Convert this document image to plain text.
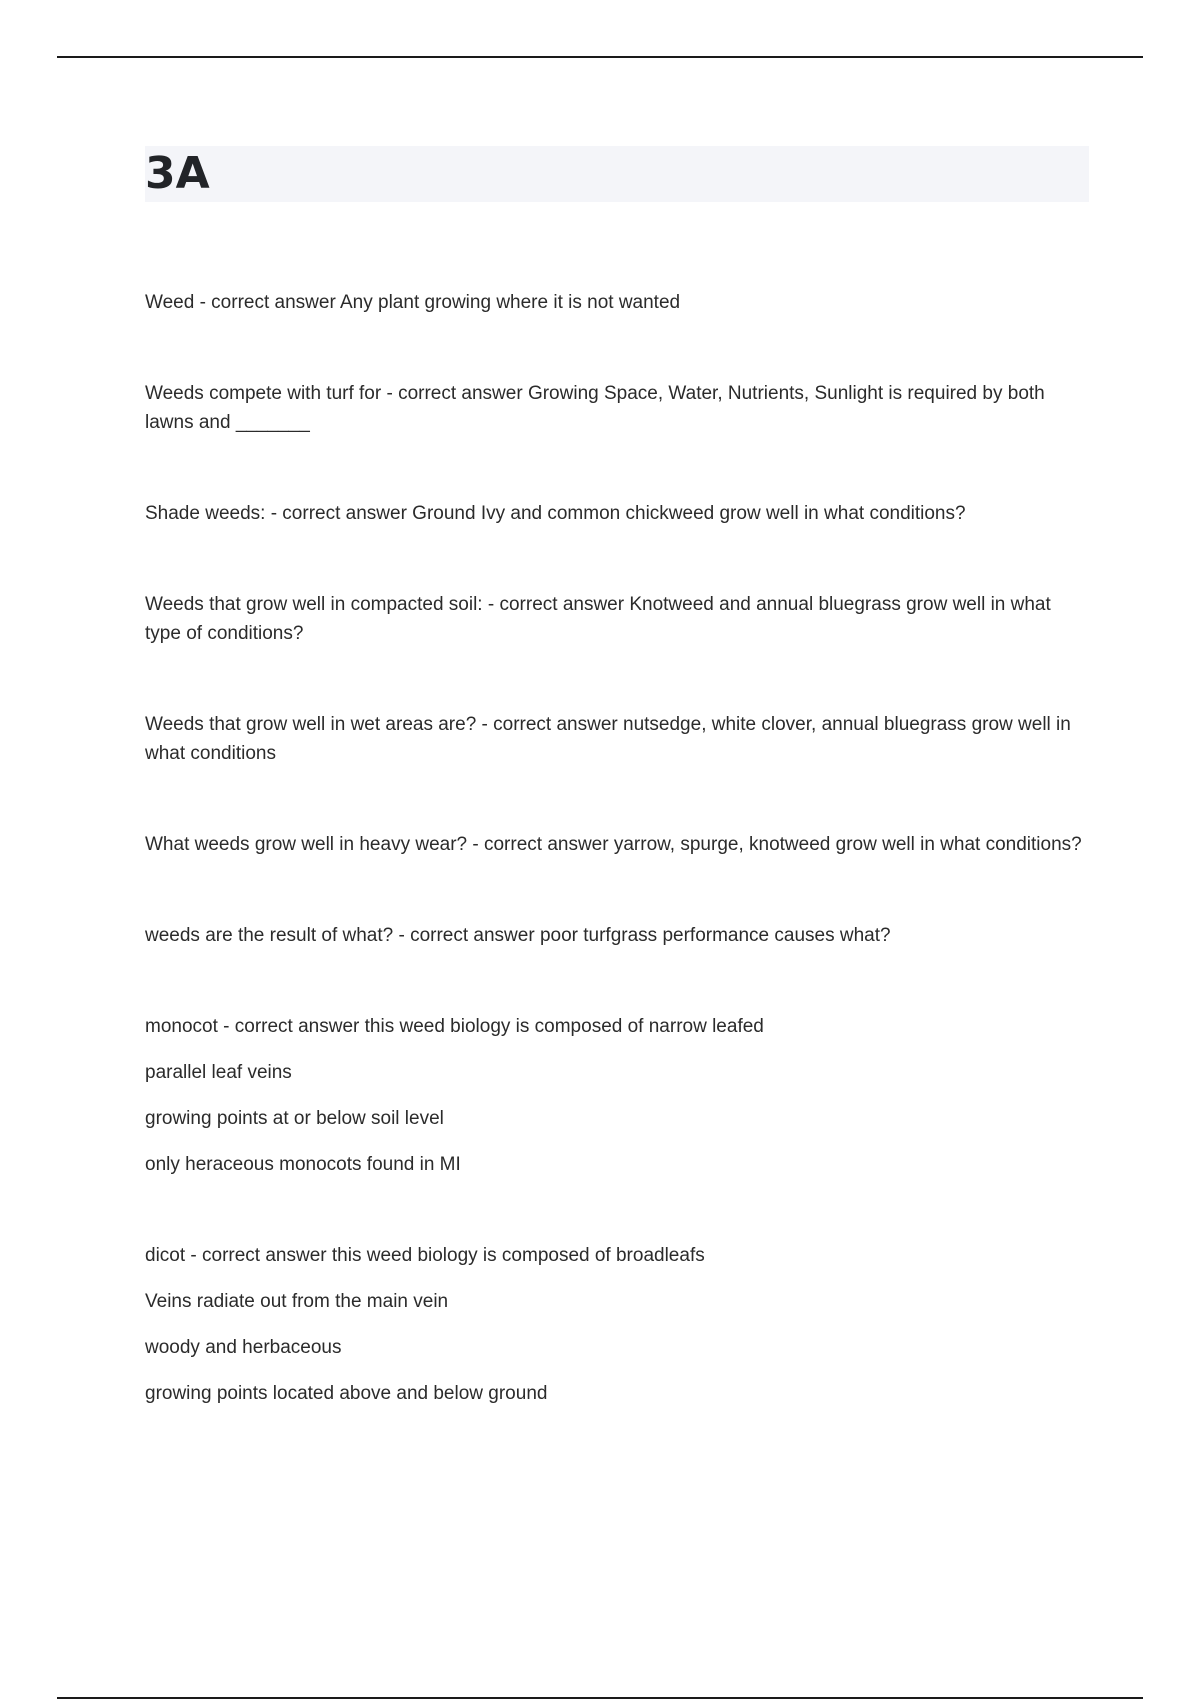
3A

Weed - correct answer Any plant growing where it is not wanted

Weeds compete with turf for - correct answer Growing Space, Water, Nutrients, Sunlight is required by both lawns and _______

Shade weeds: - correct answer Ground Ivy and common chickweed grow well in what conditions?

Weeds that grow well in compacted soil: - correct answer Knotweed and annual bluegrass grow well in what type of conditions?

Weeds that grow well in wet areas are? - correct answer nutsedge, white clover, annual bluegrass grow well in what conditions

What weeds grow well in heavy wear? - correct answer yarrow, spurge, knotweed grow well in what conditions?

weeds are the result of what? - correct answer poor turfgrass performance causes what?

monocot - correct answer this weed biology is composed of narrow leafed

parallel leaf veins

growing points at or below soil level

only heraceous monocots found in MI

dicot - correct answer this weed biology is composed of broadleafs

Veins radiate out from the main vein

woody and herbaceous

growing points located above and below ground
